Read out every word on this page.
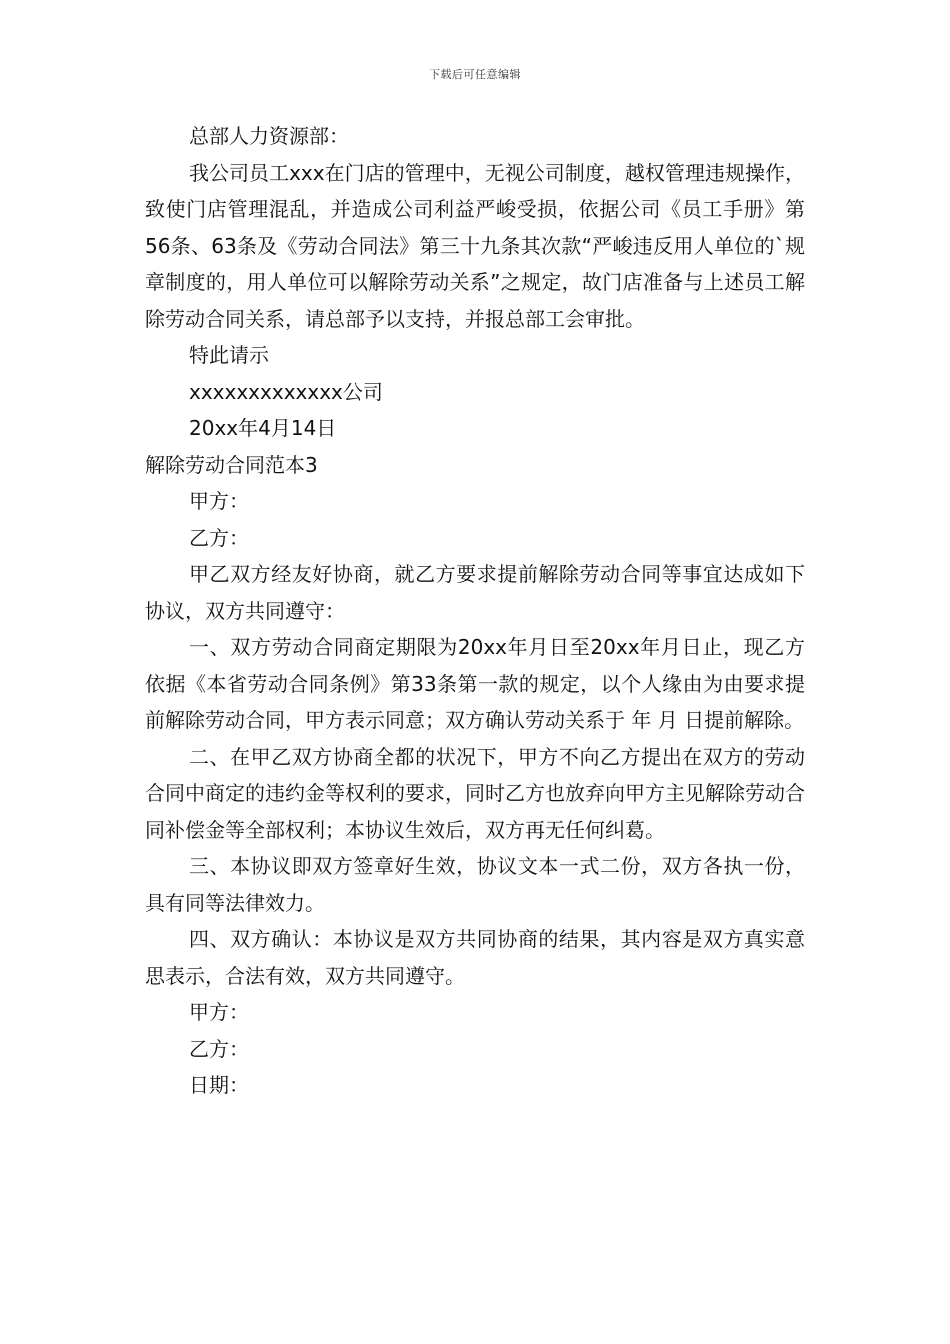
下载后可任意编辑

总部人力资源部：

我公司员工xxx在门店的管理中，无视公司制度，越权管理违规操作，致使门店管理混乱，并造成公司利益严峻受损，依据公司《员工手册》第56条、63条及《劳动合同法》第三十九条其次款“严峻违反用人单位的`规章制度的，用人单位可以解除劳动关系”之规定，故门店准备与上述员工解除劳动合同关系，请总部予以支持，并报总部工会审批。

特此请示

xxxxxxxxxxxxx公司

20xx年4月14日

解除劳动合同范本3

甲方：

乙方：

甲乙双方经友好协商，就乙方要求提前解除劳动合同等事宜达成如下协议，双方共同遵守：

一、双方劳动合同商定期限为20xx年月日至20xx年月日止，现乙方依据《本省劳动合同条例》第33条第一款的规定，以个人缘由为由要求提前解除劳动合同，甲方表示同意；双方确认劳动关系于 年 月 日提前解除。

二、在甲乙双方协商全都的状况下，甲方不向乙方提出在双方的劳动合同中商定的违约金等权利的要求，同时乙方也放弃向甲方主见解除劳动合同补偿金等全部权利；本协议生效后，双方再无任何纠葛。

三、本协议即双方签章好生效，协议文本一式二份，双方各执一份，具有同等法律效力。

四、双方确认：本协议是双方共同协商的结果，其内容是双方真实意思表示，合法有效，双方共同遵守。

甲方：

乙方：

日期：
